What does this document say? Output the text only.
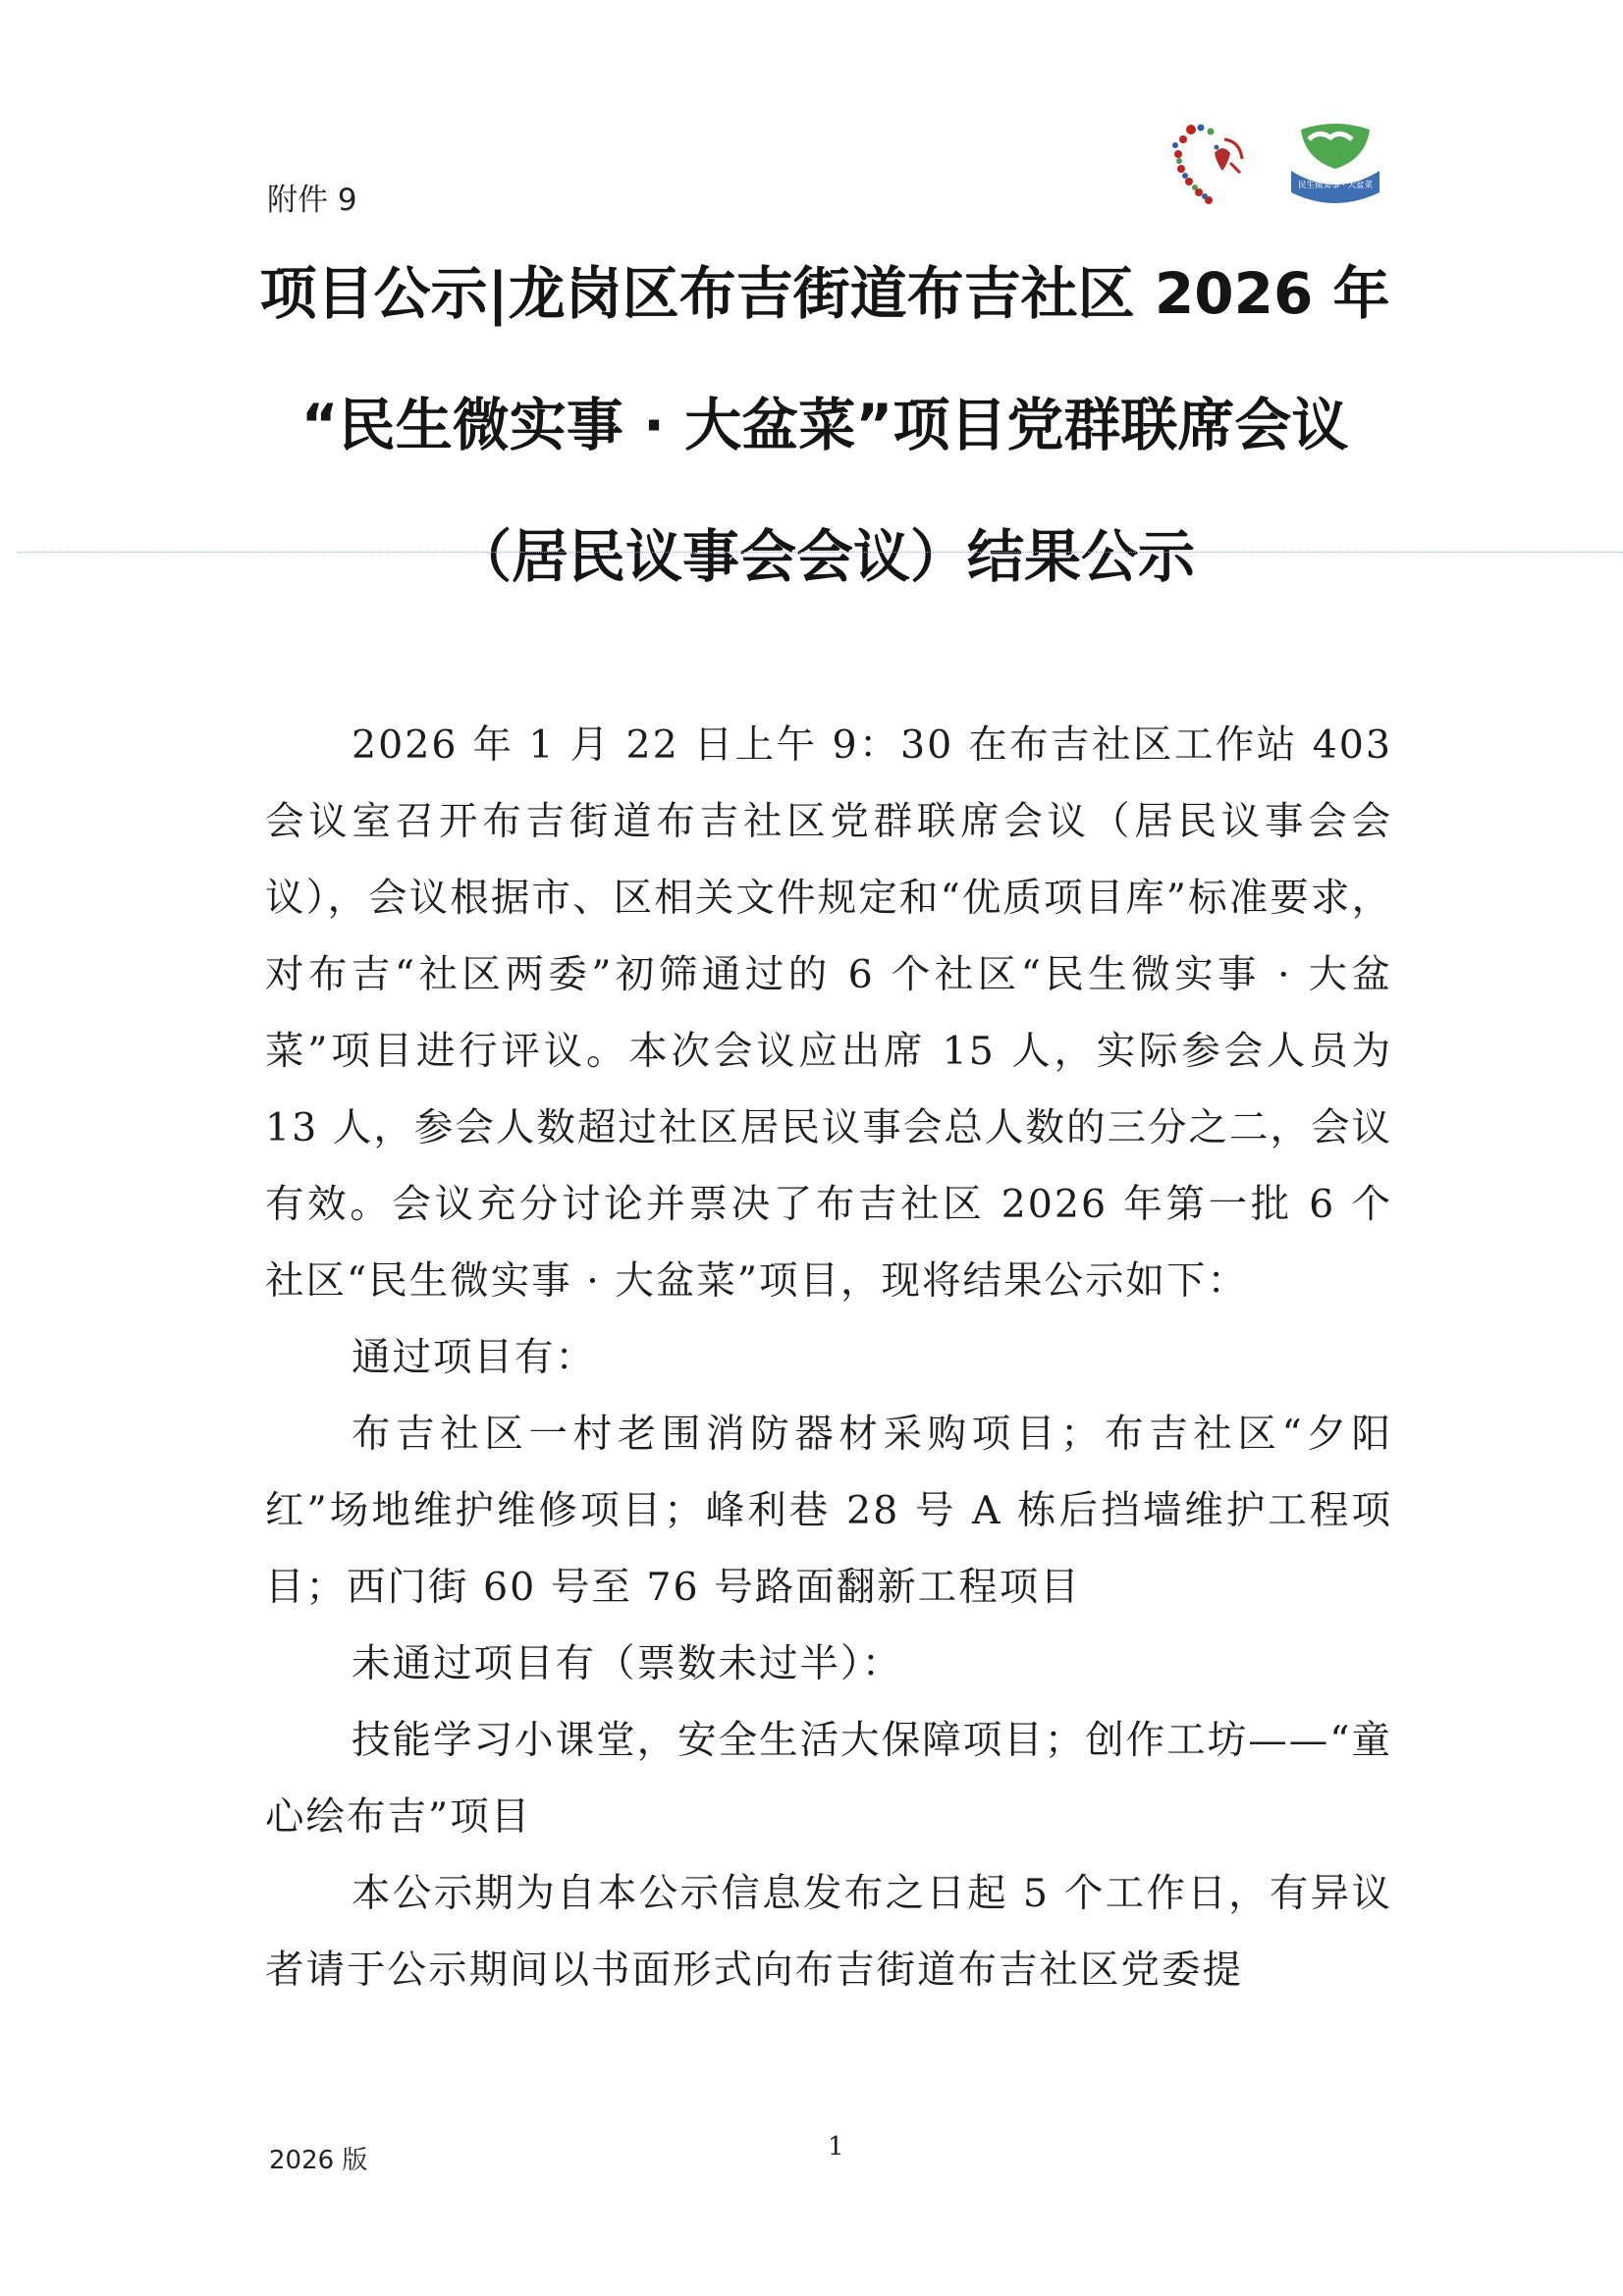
附件 9	民生微实事 · 大盆菜
项目公示|龙岗区布吉街道布吉社区 2026 年
“民生微实事 · 大盆菜”项目党群联席会议
（居民议事会会议）结果公示

2026 年 1 月 22 日上午 9：30 在布吉社区工作站 403 会议室召开布吉街道布吉社区党群联席会议（居民议事会会议），会议根据市、区相关文件规定和“优质项目库”标准要求，对布吉“社区两委”初筛通过的 6 个社区“民生微实事 · 大盆菜”项目进行评议。本次会议应出席 15 人，实际参会人员为 13 人，参会人数超过社区居民议事会总人数的三分之二，会议有效。会议充分讨论并票决了布吉社区 2026 年第一批 6 个社区“民生微实事 · 大盆菜”项目，现将结果公示如下：

通过项目有：

布吉社区一村老围消防器材采购项目；布吉社区“夕阳红”场地维护维修项目；峰利巷 28 号 A 栋后挡墙维护工程项目；西门街 60 号至 76 号路面翻新工程项目

未通过项目有（票数未过半）：

技能学习小课堂，安全生活大保障项目；创作工坊——“童心绘布吉”项目

本公示期为自本公示信息发布之日起 5 个工作日，有异议者请于公示期间以书面形式向布吉街道布吉社区党委提

2026 版	1
